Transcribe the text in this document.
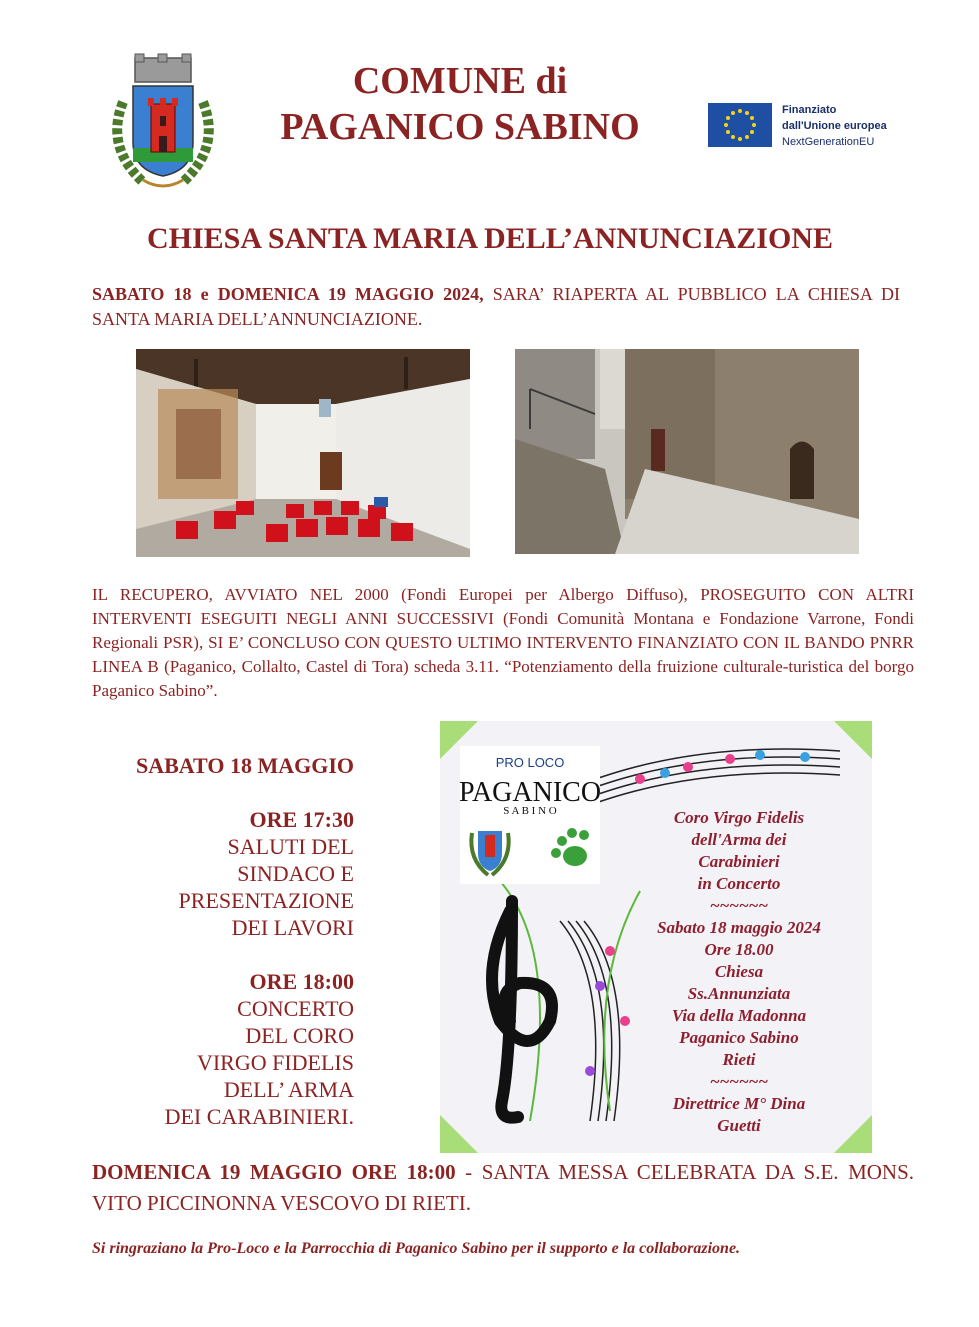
COMUNE di
PAGANICO SABINO	Finanziato
dall'Unione europea
NextGenerationEU
CHIESA SANTA MARIA DELL’ANNUNCIAZIONE
SABATO 18 e DOMENICA 19 MAGGIO 2024, SARA’ RIAPERTA AL PUBBLICO LA CHIESA DI SANTA MARIA DELL’ANNUNCIAZIONE.
IL RECUPERO, AVVIATO NEL 2000 (Fondi Europei per Albergo Diffuso), PROSEGUITO CON ALTRI INTERVENTI ESEGUITI NEGLI ANNI SUCCESSIVI (Fondi Comunità Montana e Fondazione Varrone, Fondi Regionali PSR), SI E’ CONCLUSO CON QUESTO ULTIMO INTERVENTO FINANZIATO CON IL BANDO PNRR LINEA B (Paganico, Collalto, Castel di Tora) scheda 3.11. “Potenziamento della fruizione culturale-turistica del borgo Paganico Sabino”.
SABATO 18 MAGGIO
ORE 17:30
SALUTI DEL
SINDACO E
PRESENTAZIONE
DEI LAVORI
ORE 18:00
CONCERTO
DEL CORO
VIRGO FIDELIS
DELL’ ARMA
DEI CARABINIERI.
PRO LOCO
PAGANICO
S A B I N O	Coro Virgo Fidelis
dell'Arma dei
Carabinieri
in Concerto
~~~~~~
Sabato 18 maggio 2024
Ore 18.00
Chiesa
Ss.Annunziata
Via della Madonna
Paganico Sabino
Rieti
~~~~~~
Direttrice M° Dina
Guetti
DOMENICA 19 MAGGIO ORE 18:00 - SANTA MESSA CELEBRATA DA S.E. MONS. VITO PICCINONNA VESCOVO DI RIETI.
Si ringraziano la Pro-Loco e la Parrocchia di Paganico Sabino per il supporto e la collaborazione.
